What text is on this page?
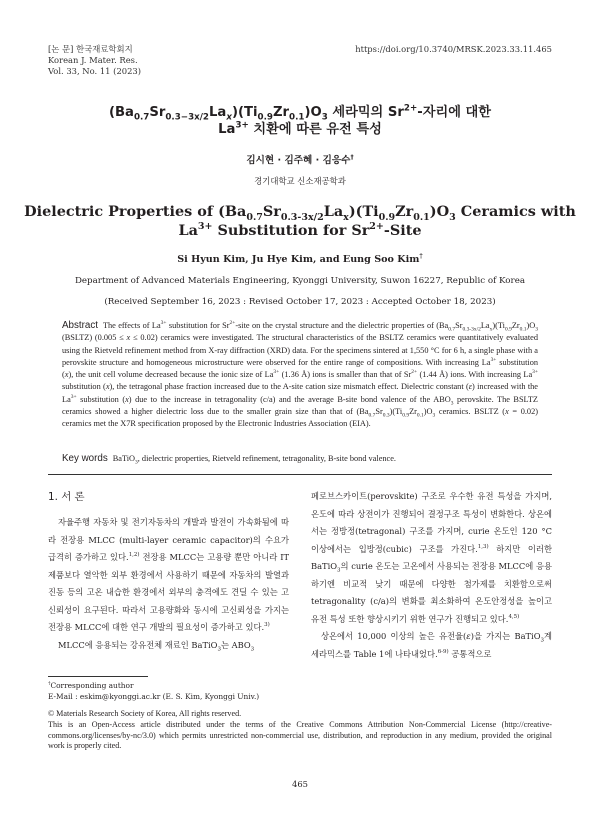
[논 문] 한국재료학회지
Korean J. Mater. Res.
Vol. 33, No. 11 (2023)
https://doi.org/10.3740/MRSK.2023.33.11.465
$(Ba_{0.7}Sr_{0.3-3x/2}La_x)(Ti_{0.9}Zr_{0.1})O_3$ 세라믹의 $Sr^{2+}-$자리에 대한
$La^{3+}$ 치환에 따른 유전 특성
김시현 · 김주혜 · 김응수†
경기대학교 신소재공학과
Dielectric Properties of $(Ba_{0.7}Sr_{0.3-3x/2}La_x)(Ti_{0.9}Zr_{0.1})O_3$ Ceramics with
$La^{3+}$ Substitution for $Sr^{2+}$-Site
Si Hyun Kim, Ju Hye Kim, and Eung Soo Kim†
Department of Advanced Materials Engineering, Kyonggi University, Suwon 16227, Republic of Korea
(Received September 16, 2023 : Revised October 17, 2023 : Accepted October 18, 2023)
Abstract The effects of $La^{3+}$ substitution for $Sr^{2+}$-site on the crystal structure and the dielectric properties of $(Ba_{0.7}Sr_{0.3-3x/2}La_x)(Ti_{0.9}Zr_{0.1})O_3$ (BSLTZ) (0.005 ≤ x ≤ 0.02) ceramics were investigated. The structural characteristics of the BSLTZ ceramics were quantitatively evaluated using the Rietveld refinement method from X-ray diffraction (XRD) data. For the specimens sintered at 1,550 °C for 6 h, a single phase with a perovskite structure and homogeneous microstructure were observed for the entire range of compositions. With increasing $La^{3+}$ substitution (x), the unit cell volume decreased because the ionic size of $La^{3+}$ (1.36 Å) ions is smaller than that of $Sr^{2+}$ (1.44 Å) ions. With increasing $La^{3+}$ substitution (x), the tetragonal phase fraction increased due to the A-site cation size mismatch effect. Dielectric constant (ε) increased with the $La^{3+}$ substitution (x) due to the increase in tetragonality (c/a) and the average B-site bond valence of the $ABO_3$ perovskite. The BSLTZ ceramics showed a higher dielectric loss due to the smaller grain size than that of $(Ba_{0.7}Sr_{0.3})(Ti_{0.9}Zr_{0.1})O_3$ ceramics. BSLTZ (x = 0.02) ceramics met the X7R specification proposed by the Electronic Industries Association (EIA).
Key words BaTiO$_3$, dielectric properties, Rietveld refinement, tetragonality, B-site bond valence.
1. 서 론

자율주행 자동차 및 전기자동차의 개발과 발전이 가속화됨에 따라 전장용 MLCC (multi-layer ceramic capacitor)의 수요가 급격히 증가하고 있다.$^{1,2)}$ 전장용 MLCC는 고용량 뿐만 아니라 IT 제품보다 열악한 외부 환경에서 사용하기 때문에 자동차의 발열과 진동 등의 고온 내습한 환경에서 외부의 충격에도 견딜 수 있는 고신뢰성이 요구된다. 따라서 고용량화와 동시에 고신뢰성을 가지는 전장용 MLCC에 대한 연구 개발의 필요성이 증가하고 있다.$^{3)}$

MLCC에 응용되는 강유전체 재료인 BaTiO$_3$는 $ABO_3$

페로브스카이트(perovskite) 구조로 우수한 유전 특성을 가지며, 온도에 따라 상전이가 진행되어 결정구조 특성이 변화한다. 상온에서는 정방정(tetragonal) 구조를 가지며, curie 온도인 120 °C 이상에서는 입방정(cubic) 구조를 가진다.$^{1,3)}$ 하지만 이러한 BaTiO$_3$의 curie 온도는 고온에서 사용되는 전장용 MLCC에 응용하기엔 비교적 낮기 때문에 다양한 첨가제를 치환함으로써 tetragonality (c/a)의 변화를 최소화하여 온도안정성을 높이고 유전 특성 또한 향상시키기 위한 연구가 진행되고 있다.$^{4,5)}$

상온에서 10,000 이상의 높은 유전율(ε)을 가지는 BaTiO$_3$계 세라믹스를 Table 1에 나타내었다.$^{6-9)}$ 공통적으로

†Corresponding author
E-Mail : eskim@kyonggi.ac.kr (E. S. Kim, Kyonggi Univ.)
© Materials Research Society of Korea, All rights reserved.
This is an Open-Access article distributed under the terms of the Creative Commons Attribution Non-Commercial License (http://creative-commons.org/licenses/by-nc/3.0) which permits unrestricted non-commercial use, distribution, and reproduction in any medium, provided the original work is properly cited.
465
